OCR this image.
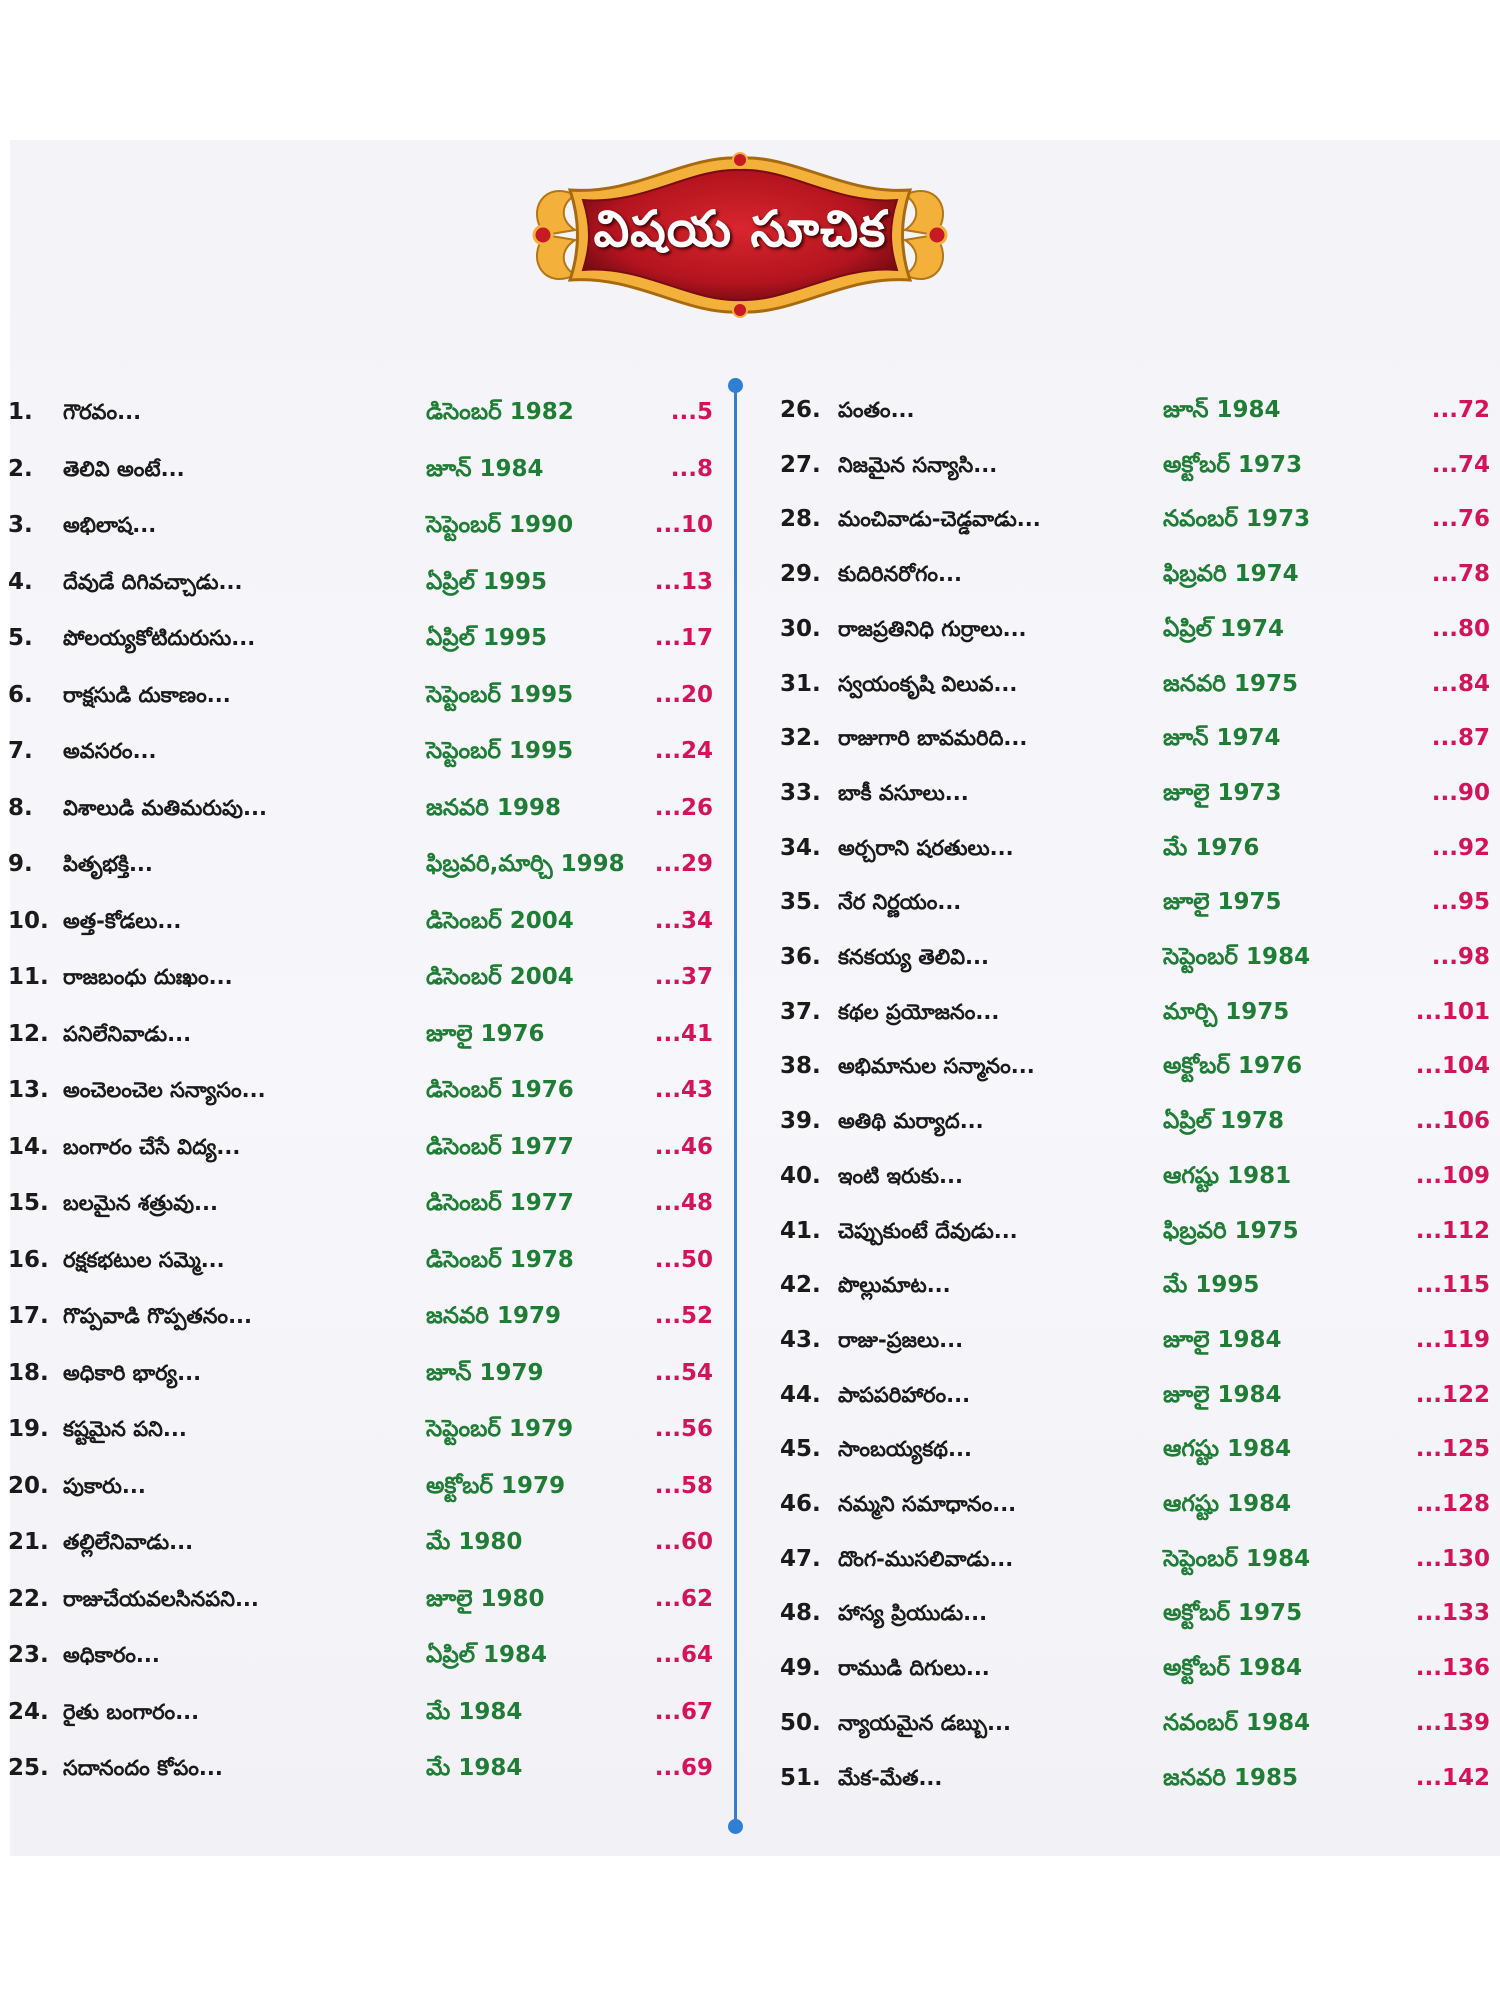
విషయ సూచిక
1. గౌరవం...	డిసెంబర్ 1982	...5
2. తెలివి అంటే...	జూన్ 1984	...8
3. అభిలాష...	సెప్టెంబర్ 1990	...10
4. దేవుడే దిగివచ్చాడు...	ఏప్రిల్ 1995	...13
5. పోలయ్యకోటిదురుసు...	ఏప్రిల్ 1995	...17
6. రాక్షసుడి దుకాణం...	సెప్టెంబర్ 1995	...20
7. అవసరం...	సెప్టెంబర్ 1995	...24
8. విశాలుడి మతిమరుపు...	జనవరి 1998	...26
9. పితృభక్తి...	ఫిబ్రవరి,మార్చి 1998	...29
10. అత్త-కోడలు...	డిసెంబర్ 2004	...34
11. రాజబంధు దుఃఖం...	డిసెంబర్ 2004	...37
12. పనిలేనివాడు...	జూలై 1976	...41
13. అంచెలంచెల సన్యాసం...	డిసెంబర్ 1976	...43
14. బంగారం చేసే విద్య...	డిసెంబర్ 1977	...46
15. బలమైన శత్రువు...	డిసెంబర్ 1977	...48
16. రక్షకభటుల సమ్మె...	డిసెంబర్ 1978	...50
17. గొప్పవాడి గొప్పతనం...	జనవరి 1979	...52
18. అధికారి భార్య...	జూన్ 1979	...54
19. కష్టమైన పని...	సెప్టెంబర్ 1979	...56
20. పుకారు...	అక్టోబర్ 1979	...58
21. తల్లిలేనివాడు...	మే 1980	...60
22. రాజుచేయవలసినపని...	జూలై 1980	...62
23. అధికారం...	ఏప్రిల్ 1984	...64
24. రైతు బంగారం...	మే 1984	...67
25. సదానందం కోపం...	మే 1984	...69
26. పంతం...	జూన్ 1984	...72
27. నిజమైన సన్యాసి...	అక్టోబర్ 1973	...74
28. మంచివాడు-చెడ్డవాడు...	నవంబర్ 1973	...76
29. కుదిరినరోగం...	ఫిబ్రవరి 1974	...78
30. రాజప్రతినిధి గుర్రాలు...	ఏప్రిల్ 1974	...80
31. స్వయంకృషి విలువ...	జనవరి 1975	...84
32. రాజుగారి బావమరిది...	జూన్ 1974	...87
33. బాకీ వసూలు...	జూలై 1973	...90
34. అర్చరాని షరతులు...	మే 1976	...92
35. నేర నిర్ణయం...	జూలై 1975	...95
36. కనకయ్య తెలివి...	సెప్టెంబర్ 1984	...98
37. కథల ప్రయోజనం...	మార్చి 1975	...101
38. అభిమానుల సన్మానం...	అక్టోబర్ 1976	...104
39. అతిథి మర్యాద...	ఏప్రిల్ 1978	...106
40. ఇంటి ఇరుకు...	ఆగష్టు 1981	...109
41. చెప్పుకుంటే దేవుడు...	ఫిబ్రవరి 1975	...112
42. పొల్లుమాట...	మే 1995	...115
43. రాజు-ప్రజలు...	జూలై 1984	...119
44. పాపపరిహారం...	జూలై 1984	...122
45. సాంబయ్యకథ...	ఆగష్టు 1984	...125
46. నమ్మని సమాధానం...	ఆగష్టు 1984	...128
47. దొంగ-ముసలివాడు...	సెప్టెంబర్ 1984	...130
48. హాస్య ప్రియుడు...	అక్టోబర్ 1975	...133
49. రాముడి దిగులు...	అక్టోబర్ 1984	...136
50. న్యాయమైన డబ్బు...	నవంబర్ 1984	...139
51. మేక-మేత...	జనవరి 1985	...142
